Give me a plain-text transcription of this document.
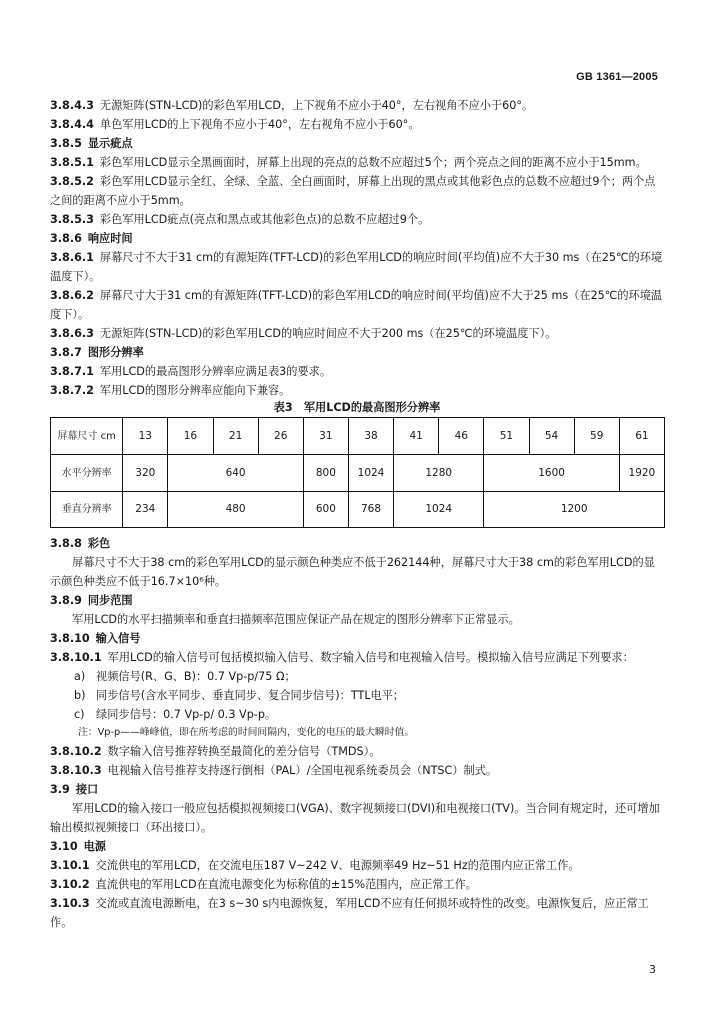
GB 1361—2005

3.8.4.3 无源矩阵(STN-LCD)的彩色军用LCD，上下视角不应小于40°，左右视角不应小于60°。

3.8.4.4 单色军用LCD的上下视角不应小于40°，左右视角不应小于60°。

3.8.5 显示疵点

3.8.5.1 彩色军用LCD显示全黑画面时，屏幕上出现的亮点的总数不应超过5个；两个亮点之间的距离不应小于15mm。

3.8.5.2 彩色军用LCD显示全红、全绿、全蓝、全白画面时，屏幕上出现的黑点或其他彩色点的总数不应超过9个；两个点之间的距离不应小于5mm。

3.8.5.3 彩色军用LCD疵点(亮点和黑点或其他彩色点)的总数不应超过9个。

3.8.6 响应时间

3.8.6.1 屏幕尺寸不大于31 cm的有源矩阵(TFT-LCD)的彩色军用LCD的响应时间(平均值)应不大于30 ms（在25℃的环境温度下）。

3.8.6.2 屏幕尺寸大于31 cm的有源矩阵(TFT-LCD)的彩色军用LCD的响应时间(平均值)应不大于25 ms（在25℃的环境温度下）。

3.8.6.3 无源矩阵(STN-LCD)的彩色军用LCD的响应时间应不大于200 ms（在25℃的环境温度下）。

3.8.7 图形分辨率

3.8.7.1 军用LCD的最高图形分辨率应满足表3的要求。

3.8.7.2 军用LCD的图形分辨率应能向下兼容。

表3　军用LCD的最高图形分辨率

屏幕尺寸 cm	13	16	21	26	31	38	41	46	51	54	59	61
水平分辨率	320	640			800	1024	1280		1600			1920
垂直分辨率	234	480			600	768	1024		1200			

3.8.8 彩色

屏幕尺寸不大于38 cm的彩色军用LCD的显示颜色种类应不低于262144种，屏幕尺寸大于38 cm的彩色军用LCD的显示颜色种类应不低于16.7×10⁶种。

3.8.9 同步范围

军用LCD的水平扫描频率和垂直扫描频率范围应保证产品在规定的图形分辨率下正常显示。

3.8.10 输入信号

3.8.10.1 军用LCD的输入信号可包括模拟输入信号、数字输入信号和电视输入信号。模拟输入信号应满足下列要求：

a) 视频信号(R、G、B)：0.7 Vp-p/75 Ω；

b) 同步信号(含水平同步、垂直同步、复合同步信号)：TTL电平；

c) 绿同步信号：0.7 Vp-p/ 0.3 Vp-p。

注：Vp-p——峰峰值，即在所考虑的时间间隔内，变化的电压的最大瞬时值。

3.8.10.2 数字输入信号推荐转换至最简化的差分信号（TMDS）。

3.8.10.3 电视输入信号推荐支持逐行倒相（PAL）/全国电视系统委员会（NTSC）制式。

3.9 接口

军用LCD的输入接口一般应包括模拟视频接口(VGA)、数字视频接口(DVI)和电视接口(TV)。当合同有规定时，还可增加输出模拟视频接口（环出接口）。

3.10 电源

3.10.1 交流供电的军用LCD，在交流电压187 V~242 V、电源频率49 Hz~51 Hz的范围内应正常工作。

3.10.2 直流供电的军用LCD在直流电源变化为标称值的±15%范围内，应正常工作。

3.10.3 交流或直流电源断电，在3 s~30 s内电源恢复，军用LCD不应有任何损坏或特性的改变。电源恢复后，应正常工作。

3
